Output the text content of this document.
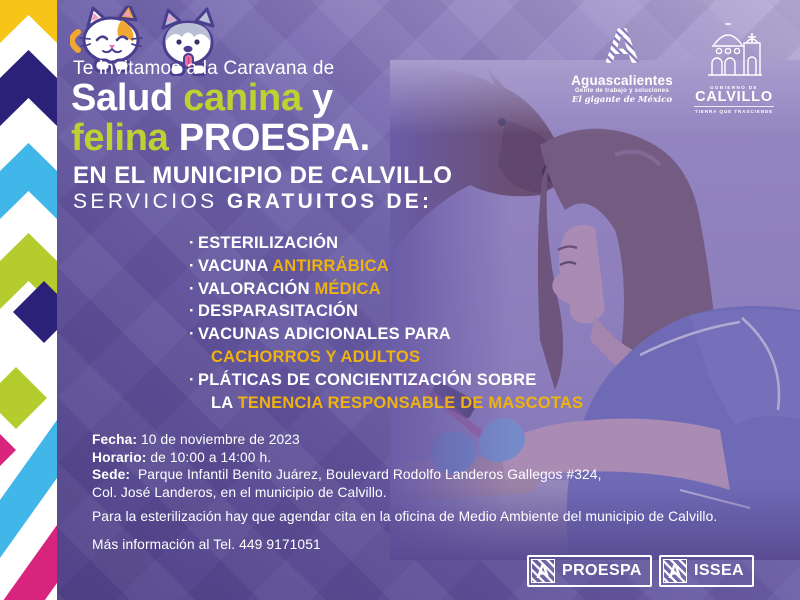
Te invitamos a la Caravana de
Salud canina y
felina PROESPA.
EN EL MUNICIPIO DE CALVILLO
SERVICIOS GRATUITOS DE:
· ESTERILIZACIÓN
· VACUNA ANTIRRÁBICA
· VALORACIÓN MÉDICA
· DESPARASITACIÓN
· VACUNAS ADICIONALES PARA
CACHORROS Y ADULTOS
· PLÁTICAS DE CONCIENTIZACIÓN SOBRE
LA TENENCIA RESPONSABLE DE MASCOTAS
Fecha: 10 de noviembre de 2023
Horario: de 10:00 a 14:00 h.
Sede: Parque Infantil Benito Juárez, Boulevard Rodolfo Landeros Gallegos #324,
Col. José Landeros, en el municipio de Calvillo.
Para la esterilización hay que agendar cita en la oficina de Medio Ambiente del municipio de Calvillo.
Más información al Tel. 449 9171051
A
Aguascalientes
Gente de trabajo y soluciones
El gigante de México
GOBIERNO DE
CALVILLO
TIERRA QUE TRASCIENDE
A PROESPA A ISSEA
